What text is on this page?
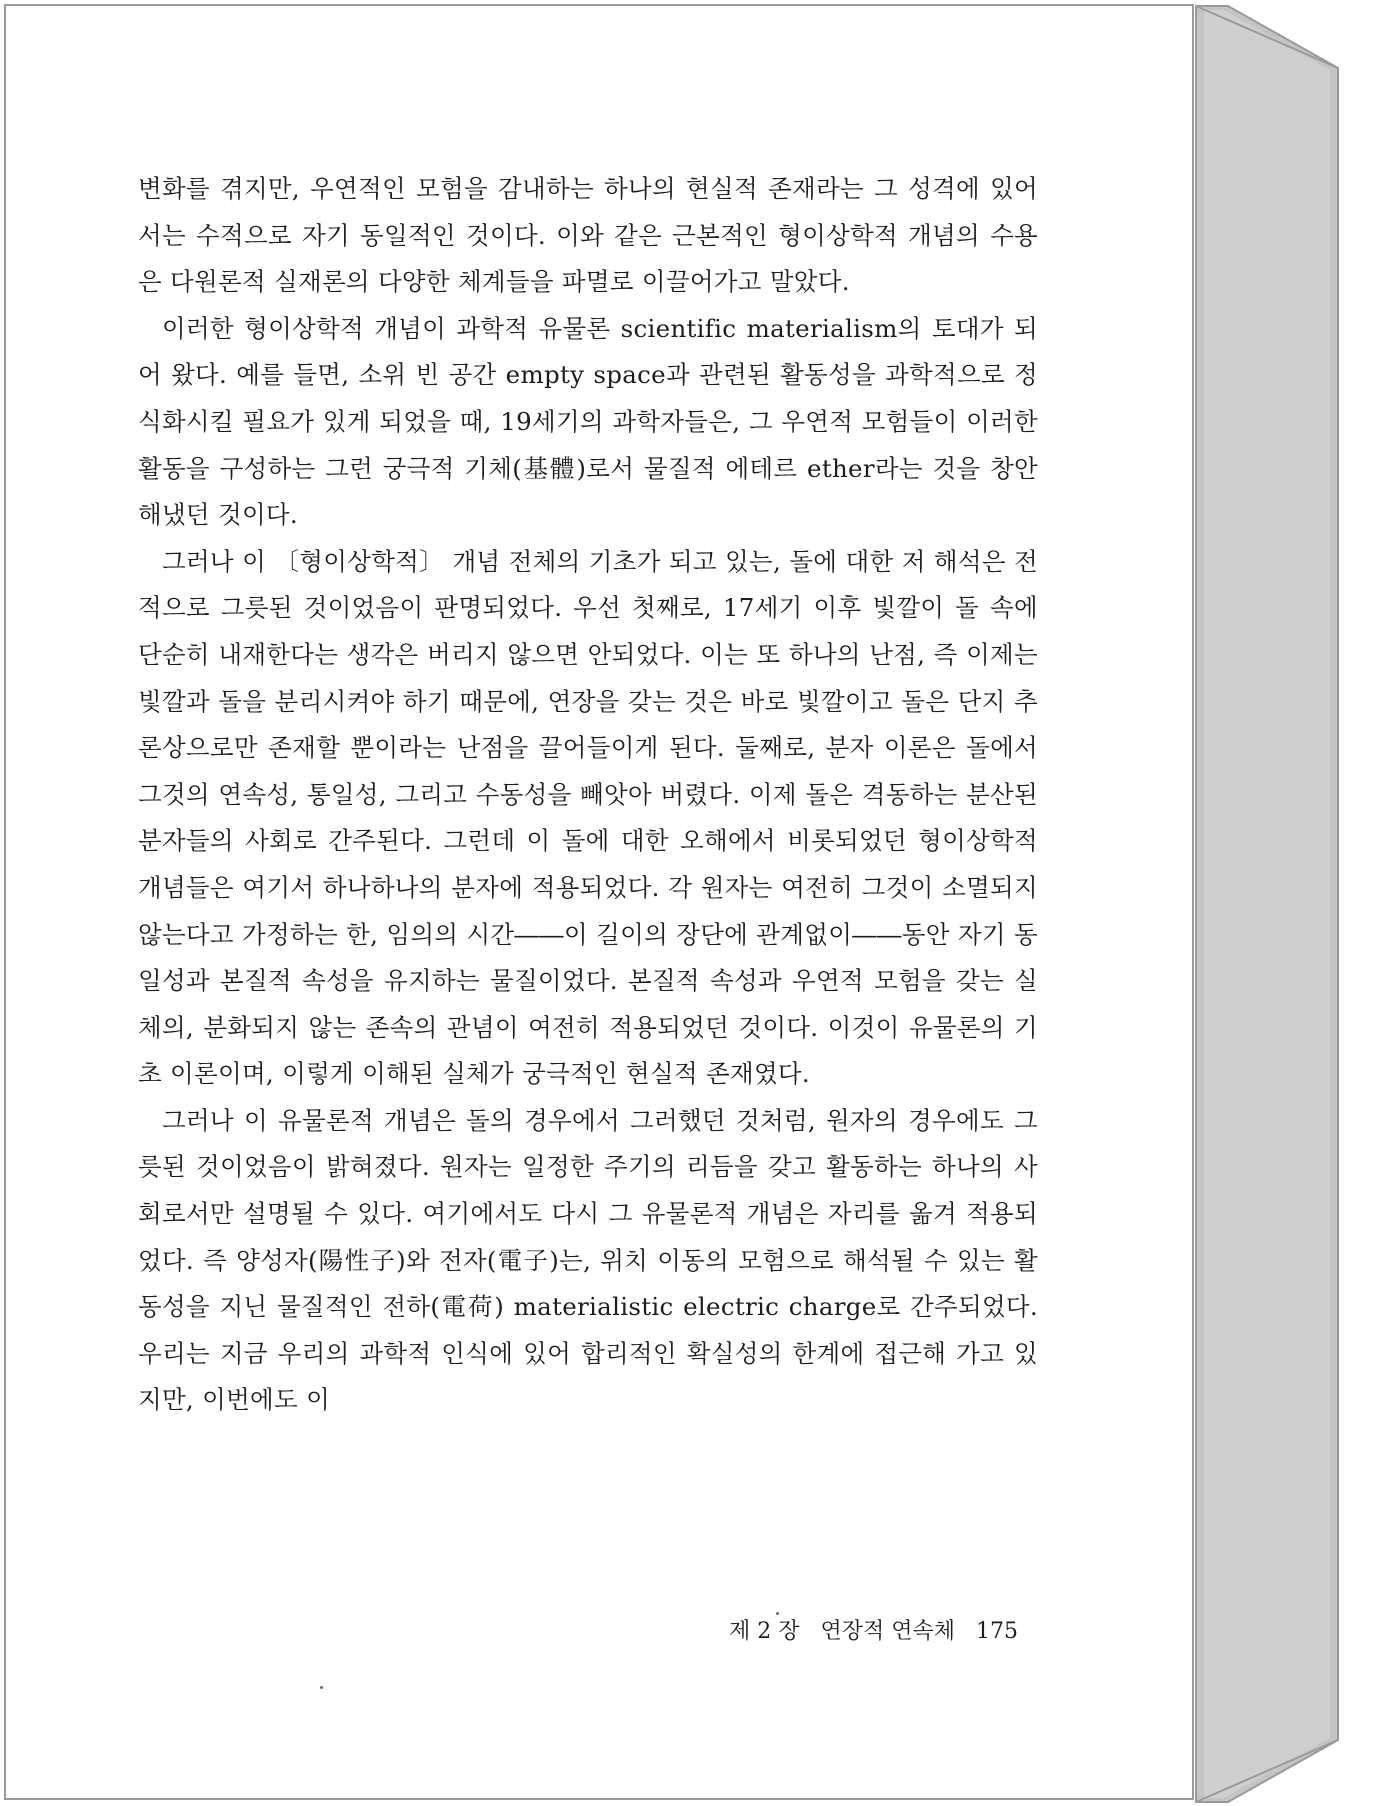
변화를 겪지만, 우연적인 모험을 감내하는 하나의 현실적 존재라는 그 성격에 있어서는 수적으로 자기 동일적인 것이다. 이와 같은 근본적인 형이상학적 개념의 수용은 다원론적 실재론의 다양한 체계들을 파멸로 이끌어가고 말았다.

이러한 형이상학적 개념이 과학적 유물론 scientific materialism의 토대가 되어 왔다. 예를 들면, 소위 빈 공간 empty space과 관련된 활동성을 과학적으로 정식화시킬 필요가 있게 되었을 때, 19세기의 과학자들은, 그 우연적 모험들이 이러한 활동을 구성하는 그런 궁극적 기체(基體)로서 물질적 에테르 ether라는 것을 창안해냈던 것이다.

그러나 이 〔형이상학적〕 개념 전체의 기초가 되고 있는, 돌에 대한 저 해석은 전적으로 그릇된 것이었음이 판명되었다. 우선 첫째로, 17세기 이후 빛깔이 돌 속에 단순히 내재한다는 생각은 버리지 않으면 안되었다. 이는 또 하나의 난점, 즉 이제는 빛깔과 돌을 분리시켜야 하기 때문에, 연장을 갖는 것은 바로 빛깔이고 돌은 단지 추론상으로만 존재할 뿐이라는 난점을 끌어들이게 된다. 둘째로, 분자 이론은 돌에서 그것의 연속성, 통일성, 그리고 수동성을 빼앗아 버렸다. 이제 돌은 격동하는 분산된 분자들의 사회로 간주된다. 그런데 이 돌에 대한 오해에서 비롯되었던 형이상학적 개념들은 여기서 하나하나의 분자에 적용되었다. 각 원자는 여전히 그것이 소멸되지 않는다고 가정하는 한, 임의의 시간――이 길이의 장단에 관계없이――동안 자기 동일성과 본질적 속성을 유지하는 물질이었다. 본질적 속성과 우연적 모험을 갖는 실체의, 분화되지 않는 존속의 관념이 여전히 적용되었던 것이다. 이것이 유물론의 기초 이론이며, 이렇게 이해된 실체가 궁극적인 현실적 존재였다.

그러나 이 유물론적 개념은 돌의 경우에서 그러했던 것처럼, 원자의 경우에도 그릇된 것이었음이 밝혀졌다. 원자는 일정한 주기의 리듬을 갖고 활동하는 하나의 사회로서만 설명될 수 있다. 여기에서도 다시 그 유물론적 개념은 자리를 옮겨 적용되었다. 즉 양성자(陽性子)와 전자(電子)는, 위치 이동의 모험으로 해석될 수 있는 활동성을 지닌 물질적인 전하(電荷) materialistic electric charge로 간주되었다. 우리는 지금 우리의 과학적 인식에 있어 합리적인 확실성의 한계에 접근해 가고 있지만, 이번에도 이

제 2 장 연장적 연속체 175
